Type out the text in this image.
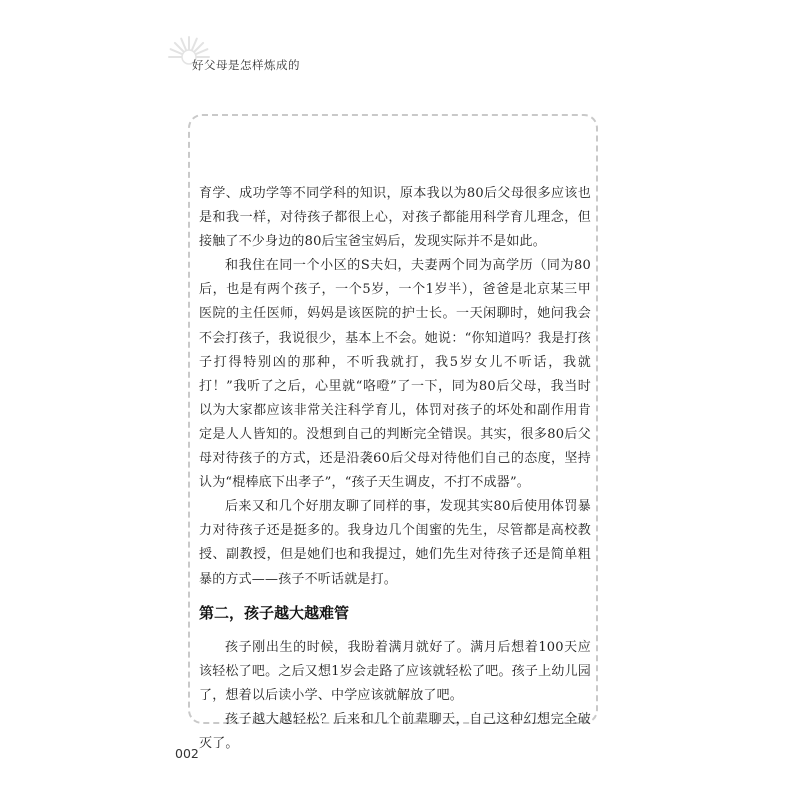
好父母是怎样炼成的

育学、成功学等不同学科的知识，原本我以为80后父母很多应该也是和我一样，对待孩子都很上心，对孩子都能用科学育儿理念，但接触了不少身边的80后宝爸宝妈后，发现实际并不是如此。

和我住在同一个小区的S夫妇，夫妻两个同为高学历（同为80后，也是有两个孩子，一个5岁，一个1岁半），爸爸是北京某三甲医院的主任医师，妈妈是该医院的护士长。一天闲聊时，她问我会不会打孩子，我说很少，基本上不会。她说：“你知道吗？我是打孩子打得特别凶的那种，不听我就打，我5岁女儿不听话，我就打！”我听了之后，心里就“咯噔”了一下，同为80后父母，我当时以为大家都应该非常关注科学育儿，体罚对孩子的坏处和副作用肯定是人人皆知的。没想到自己的判断完全错误。其实，很多80后父母对待孩子的方式，还是沿袭60后父母对待他们自己的态度，坚持认为“棍棒底下出孝子”，“孩子天生调皮，不打不成器”。

后来又和几个好朋友聊了同样的事，发现其实80后使用体罚暴力对待孩子还是挺多的。我身边几个闺蜜的先生，尽管都是高校教授、副教授，但是她们也和我提过，她们先生对待孩子还是简单粗暴的方式——孩子不听话就是打。

第二，孩子越大越难管

孩子刚出生的时候，我盼着满月就好了。满月后想着100天应该轻松了吧。之后又想1岁会走路了应该就轻松了吧。孩子上幼儿园了，想着以后读小学、中学应该就解放了吧。

孩子越大越轻松？后来和几个前辈聊天，自己这种幻想完全破灭了。

002
